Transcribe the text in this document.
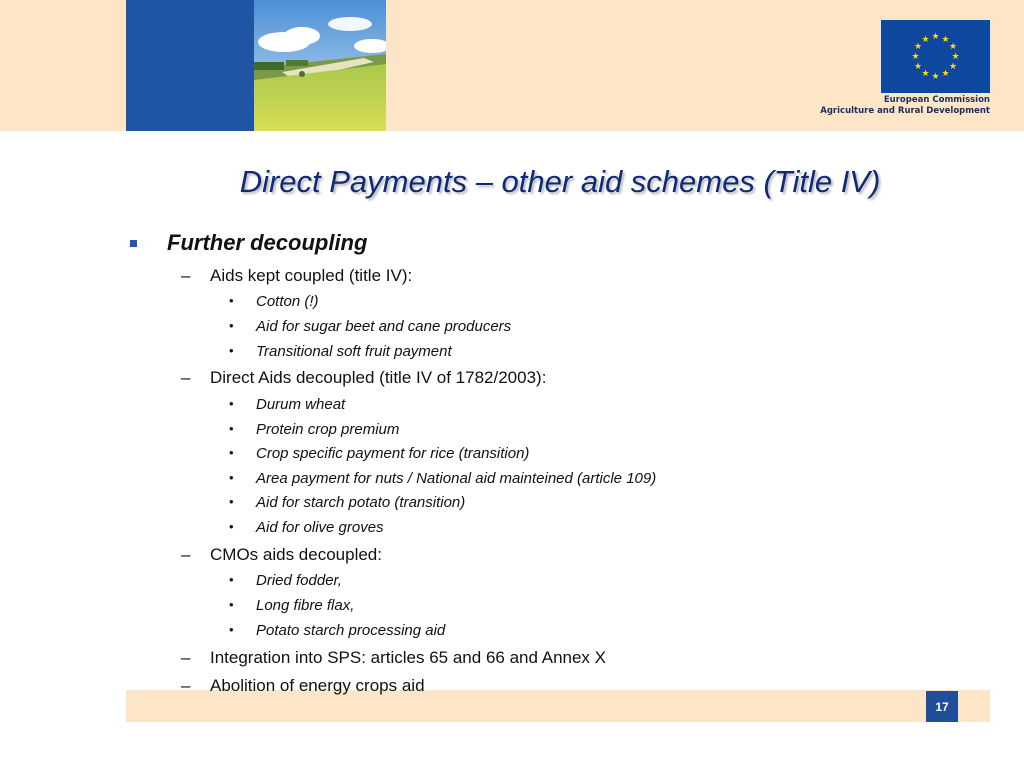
★ ★
★
★
★
★
★
★
★
★
★
★
European Commission
Agriculture and Rural Development
Direct Payments – other aid schemes (Title IV)
Further decoupling
– Aids kept coupled (title IV):
• Cotton (!)
• Aid for sugar beet and cane producers
• Transitional soft fruit payment
– Direct Aids decoupled (title IV of 1782/2003):
• Durum wheat
• Protein crop premium
• Crop specific payment for rice (transition)
• Area payment for nuts / National aid mainteined (article 109)
• Aid for starch potato (transition)
• Aid for olive groves
– CMOs aids decoupled:
• Dried fodder,
• Long fibre flax,
• Potato starch processing aid
– Integration into SPS: articles 65 and 66 and Annex X
– Abolition of energy crops aid
17
